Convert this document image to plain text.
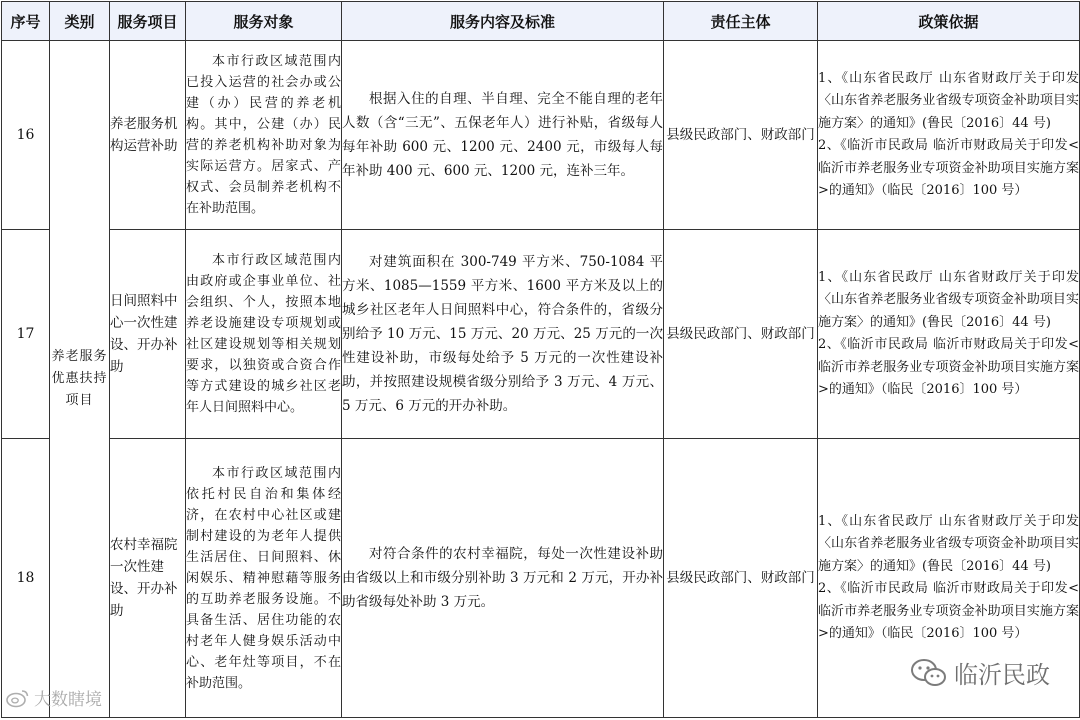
序号	类别	服务项目	服务对象	服务内容及标准	责任主体	政策依据
16	养老服务优惠扶持项目	养老服务机构运营补助	本市行政区域范围内已投入运营的社会办或公建（办）民营的养老机构。其中，公建（办）民营的养老机构补助对象为实际运营方。居家式、产权式、会员制养老机构不在补助范围。	根据入住的自理、半自理、完全不能自理的老年人数（含“三无”、五保老年人）进行补贴，省级每人每年补助 600 元、1200 元、2400 元，市级每人每年补助 400 元、600 元、1200 元，连补三年。	县级民政部门、财政部门	1、《山东省民政厅 山东省财政厅关于印发〈山东省养老服务业省级专项资金补助项目实施方案〉的通知》(鲁民〔2016〕44 号)
2、《临沂市民政局 临沂市财政局关于印发<临沂市养老服务业专项资金补助项目实施方案>的通知》（临民〔2016〕100 号）
17		日间照料中心一次性建设、开办补助	本市行政区域范围内由政府或企事业单位、社会组织、个人，按照本地养老设施建设专项规划或社区建设规划等相关规划要求，以独资或合资合作等方式建设的城乡社区老年人日间照料中心。	对建筑面积在 300-749 平方米、750-1084 平方米、1085—1559 平方米、1600 平方米及以上的城乡社区老年人日间照料中心，符合条件的，省级分别给予 10 万元、15 万元、20 万元、25 万元的一次性建设补助，市级每处给予 5 万元的一次性建设补助，并按照建设规模省级分别给予 3 万元、4 万元、5 万元、6 万元的开办补助。	县级民政部门、财政部门	1、《山东省民政厅 山东省财政厅关于印发〈山东省养老服务业省级专项资金补助项目实施方案〉的通知》(鲁民〔2016〕44 号)
2、《临沂市民政局 临沂市财政局关于印发<临沂市养老服务业专项资金补助项目实施方案>的通知》（临民〔2016〕100 号）
18		农村幸福院一次性建设、开办补助	本市行政区域范围内依托村民自治和集体经济，在农村中心社区或建制村建设的为老年人提供生活居住、日间照料、休闲娱乐、精神慰藉等服务的互助养老服务设施。不具备生活、居住功能的农村老年人健身娱乐活动中心、老年灶等项目，不在补助范围。	对符合条件的农村幸福院，每处一次性建设补助由省级以上和市级分别补助 3 万元和 2 万元，开办补助省级每处补助 3 万元。	县级民政部门、财政部门	1、《山东省民政厅 山东省财政厅关于印发〈山东省养老服务业省级专项资金补助项目实施方案〉的通知》(鲁民〔2016〕44 号)
2、《临沂市民政局 临沂市财政局关于印发<临沂市养老服务业专项资金补助项目实施方案>的通知》（临民〔2016〕100 号）
大数瞎境
临沂民政
